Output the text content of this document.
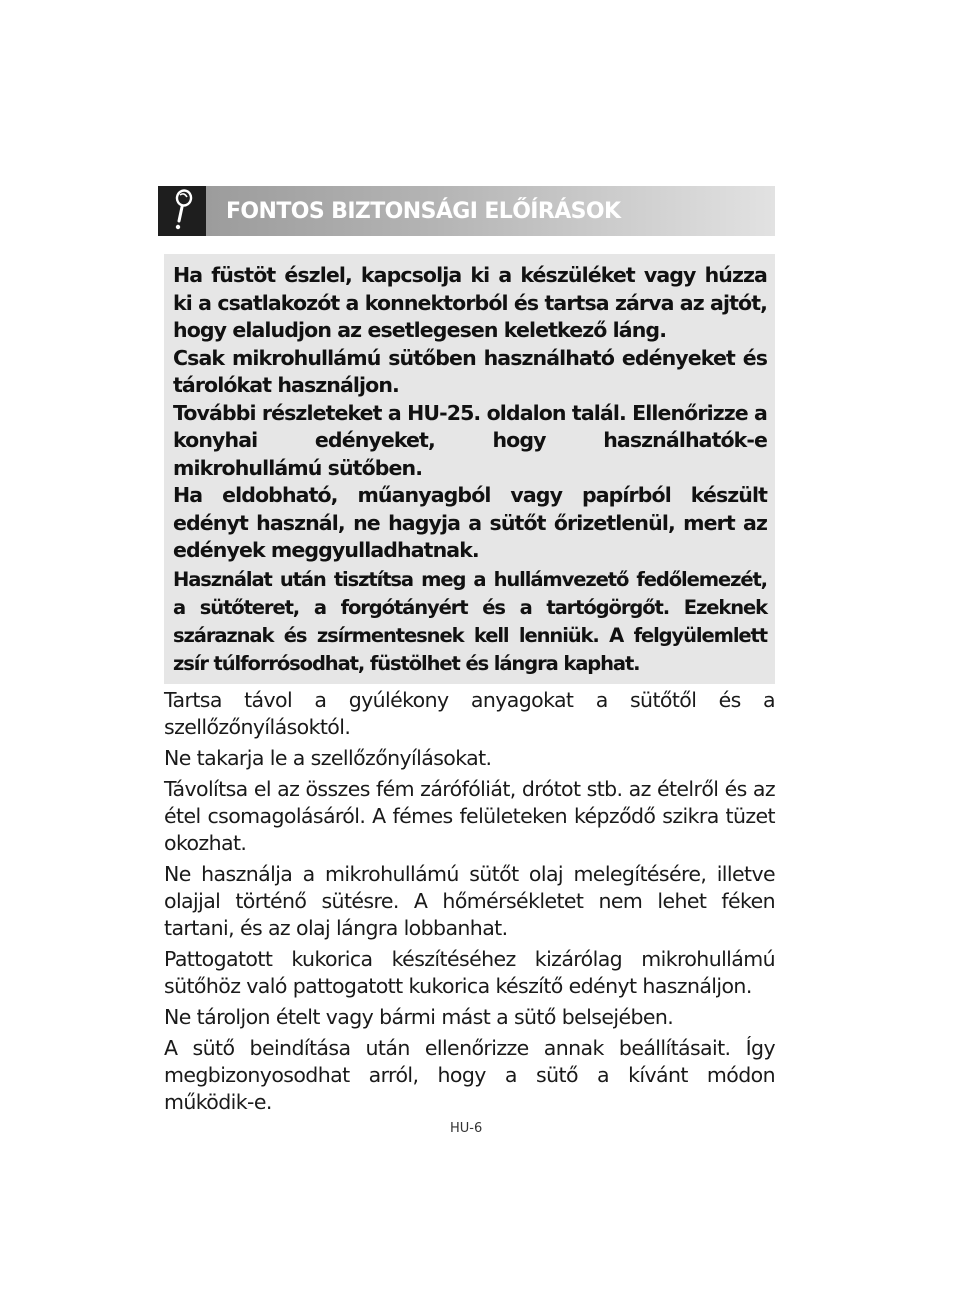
FONTOS BIZTONSÁGI ELŐÍRÁSOK

Ha füstöt észlel, kapcsolja ki a készüléket vagy húzza ki a csatlakozót a konnektorból és tartsa zárva az ajtót, hogy elaludjon az esetlegesen keletkező láng.

Csak mikrohullámú sütőben használható edényeket és tárolókat használjon.

További részleteket a HU-25. oldalon talál. Ellenőrizze a konyhai edényeket, hogy használhatók-e mikrohullámú sütőben.

Ha eldobható, műanyagból vagy papírból készült edényt használ, ne hagyja a sütőt őrizetlenül, mert az edények meggyulladhatnak.

Használat után tisztítsa meg a hullámvezető fedőlemezét, a sütőteret, a forgótányért és a tartógörgőt. Ezeknek száraznak és zsírmentesnek kell lenniük. A felgyülemlett zsír túlforrósodhat, füstölhet és lángra kaphat.

Tartsa távol a gyúlékony anyagokat a sütőtől és a szellőzőnyílásoktól.

Ne takarja le a szellőzőnyílásokat.

Távolítsa el az összes fém zárófóliát, drótot stb. az ételről és az étel csomagolásáról. A fémes felületeken képződő szikra tüzet okozhat.

Ne használja a mikrohullámú sütőt olaj melegítésére, illetve olajjal történő sütésre. A hőmérsékletet nem lehet féken tartani, és az olaj lángra lobbanhat.

Pattogatott kukorica készítéséhez kizárólag mikrohullámú sütőhöz való pattogatott kukorica készítő edényt használjon.

Ne tároljon ételt vagy bármi mást a sütő belsejében.

A sütő beindítása után ellenőrizze annak beállításait. Így megbizonyosodhat arról, hogy a sütő a kívánt módon működik-e.

HU-6
